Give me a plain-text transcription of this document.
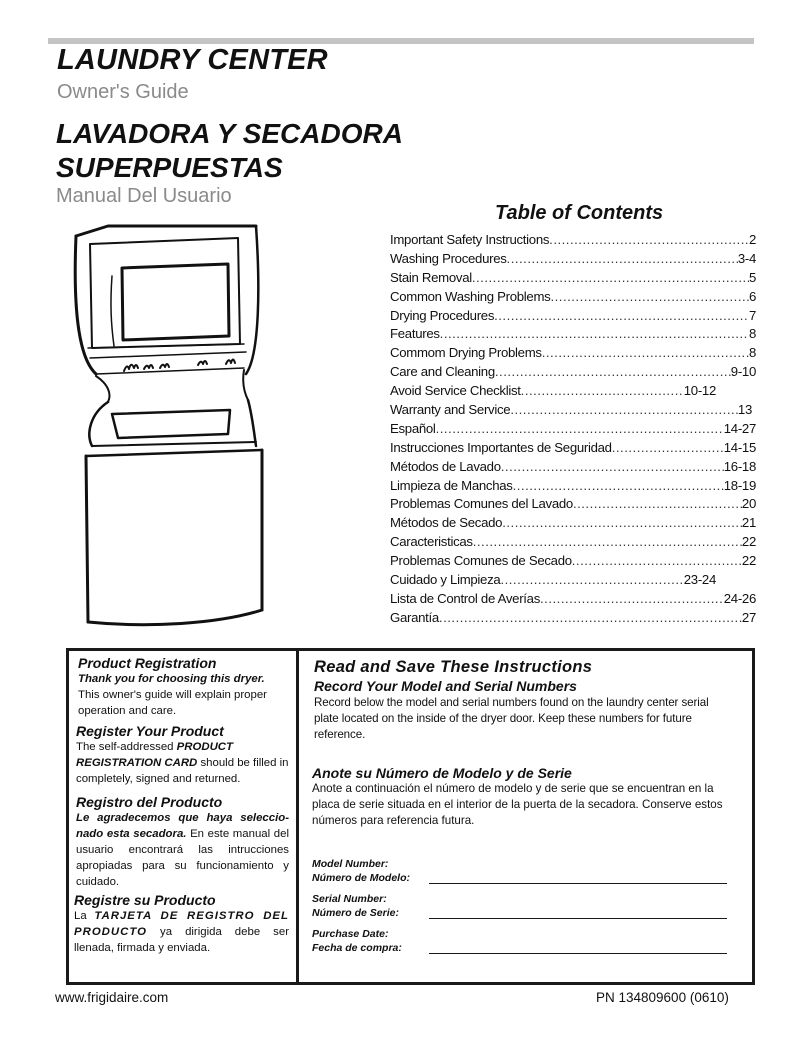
LAUNDRY CENTER
Owner's Guide
LAVADORA Y SECADORA
SUPERPUESTAS
Manual Del Usuario
Table of Contents
Important Safety Instructions .....	2
Washing Procedures .....	3-4
Stain Removal .....	5
Common Washing Problems .....	6
Drying Procedures .....	7
Features .....	8
Commom Drying Problems .....	8
Care and Cleaning .....	9-10
Avoid Service Checklist .....	10-12
Warranty and Service .....	13
Español .....	14-27
Instrucciones Importantes de Seguridad .....	14-15
Métodos de Lavado .....	16-18
Limpieza de Manchas .....	18-19
Problemas Comunes del Lavado .....	20
Métodos de Secado .....	21
Caracteristicas .....	22
Problemas Comunes de Secado .....	22
Cuidado y Limpieza .....	23-24
Lista de Control de Averías .....	24-26
Garantía .....	27
Product Registration
Thank you for choosing this dryer. This owner's guide will explain proper operation and care.
Register Your Product
The self-addressed PRODUCT REGISTRATION CARD should be filled in completely, signed and returned.
Registro del Producto
Le agradecemos que haya seleccio-nado esta secadora. En este manual del usuario encontrará las intrucciones apropiadas para su funcionamiento y cuidado.
Registre su Producto
La TARJETA DE REGISTRO DEL PRODUCTO ya dirigida debe ser llenada, firmada y enviada.
Read and Save These Instructions
Record Your Model and Serial Numbers
Record below the model and serial numbers found on the laundry center serial plate located on the inside of the dryer door. Keep these numbers for future reference.
Anote su Número de Modelo y de Serie
Anote a continuación el número de modelo y de serie que se encuentran en la placa de serie situada en el interior de la puerta de la secadora. Conserve estos números para referencia futura.
Model Number:
Número de Modelo:
Serial Number:
Número de Serie:
Purchase Date:
Fecha de compra:
www.frigidaire.com	PN 134809600 (0610)
